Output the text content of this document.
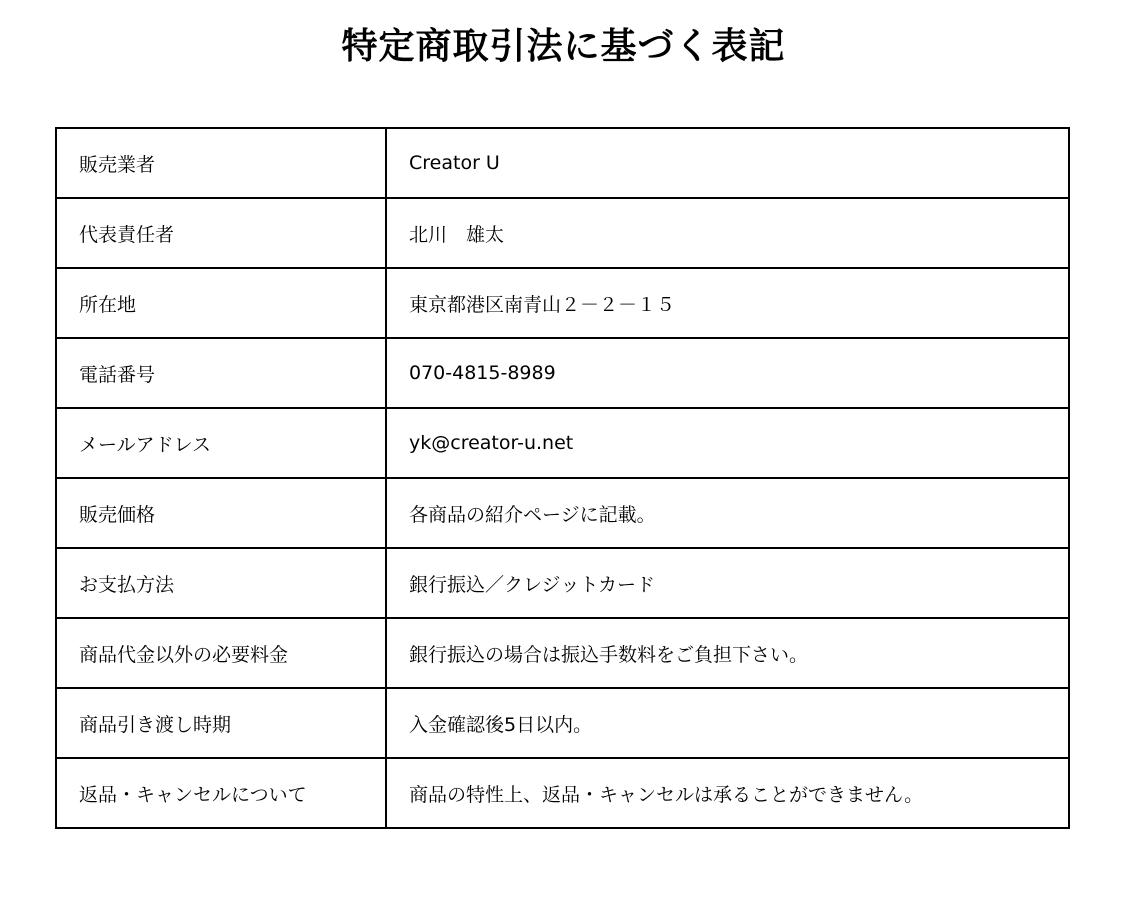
特定商取引法に基づく表記
販売業者	Creator U
代表責任者	北川　雄太
所在地	東京都港区南青山２－２－１５
電話番号	070-4815-8989
メールアドレス	yk@creator-u.net
販売価格	各商品の紹介ページに記載。
お支払方法	銀行振込／クレジットカード
商品代金以外の必要料金	銀行振込の場合は振込手数料をご負担下さい。
商品引き渡し時期	入金確認後5日以内。
返品・キャンセルについて	商品の特性上、返品・キャンセルは承ることができません。
